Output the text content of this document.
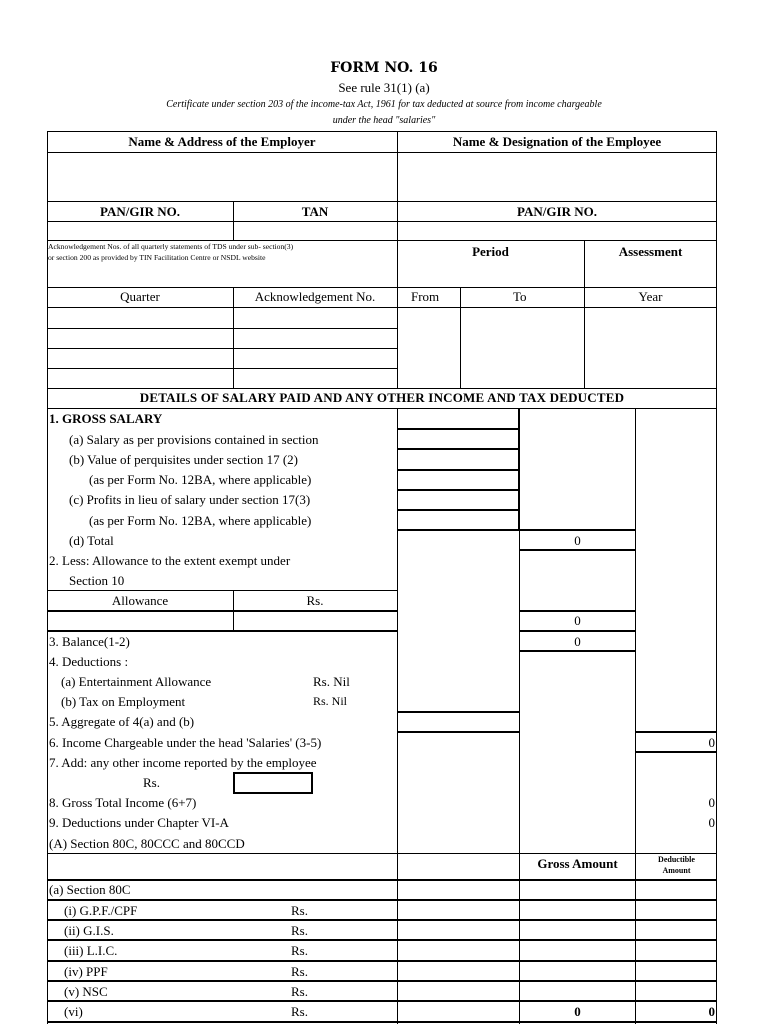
FORM NO. 16
See rule 31(1) (a)
Certificate under section 203 of the income-tax Act, 1961 for tax deducted at source from income chargeable
under the head "salaries"
Name & Address of the Employer	Name & Designation of the Employee
PAN/GIR NO.	TAN	PAN/GIR NO.
Acknowledgement Nos. of all quarterly statements of TDS under sub- section(3)
or section 200 as provided by TIN Facilitation Centre or NSDL website	Period	Assessment
Quarter	Acknowledgement No.	From	To	Year
DETAILS OF SALARY PAID AND ANY OTHER INCOME AND TAX DEDUCTED
1. GROSS SALARY
(a) Salary as per provisions contained in section
(b) Value of perquisites under section 17 (2)
(as per Form No. 12BA, where applicable)
(c) Profits in lieu of salary under section 17(3)
(as per Form No. 12BA, where applicable)
(d) Total	0
2. Less: Allowance to the extent exempt under
Section 10
Allowance	Rs.
0
3. Balance(1-2)	0
4. Deductions :
(a) Entertainment Allowance	Rs. Nil
(b) Tax on Employment	Rs. Nil
5. Aggregate of 4(a) and (b)
6. Income Chargeable under the head 'Salaries' (3-5)	0
7. Add: any other income reported by the employee
Rs.
8. Gross Total Income (6+7)	0
9. Deductions under Chapter VI-A	0
(A) Section 80C, 80CCC and 80CCD
Gross Amount	Deductible
Amount
(a) Section 80C
(i) G.P.F./CPF	Rs.
(ii) G.I.S.	Rs.
(iii) L.I.C.	Rs.
(iv) PPF	Rs.
(v) NSC	Rs.
(vi)	Rs.	0	0
